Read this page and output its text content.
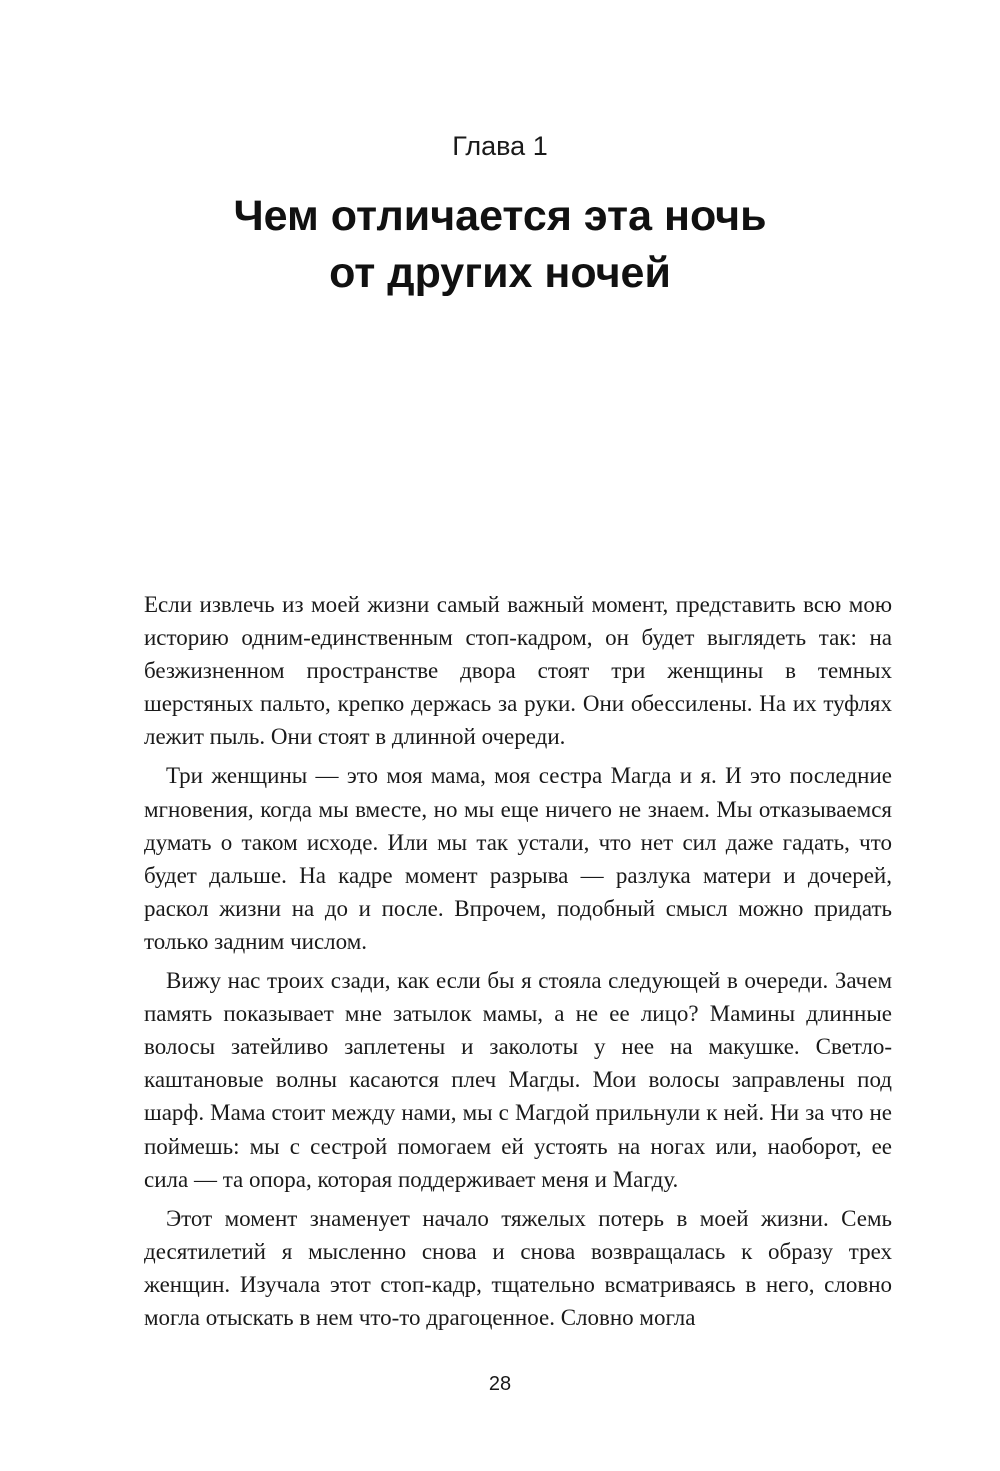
Глава 1
Чем отличается эта ночь
от других ночей

Если извлечь из моей жизни самый важный момент, представить всю мою историю одним-единственным стоп-кадром, он будет выглядеть так: на безжизненном пространстве двора стоят три женщины в темных шерстяных пальто, крепко держась за руки. Они обессилены. На их туфлях лежит пыль. Они стоят в длинной очереди.

Три женщины — это моя мама, моя сестра Магда и я. И это последние мгновения, когда мы вместе, но мы еще ничего не знаем. Мы отказываемся думать о таком исходе. Или мы так устали, что нет сил даже гадать, что будет дальше. На кадре момент разрыва — разлука матери и дочерей, раскол жизни на до и после. Впрочем, подобный смысл можно придать только задним числом.

Вижу нас троих сзади, как если бы я стояла следующей в очереди. Зачем память показывает мне затылок мамы, а не ее лицо? Мамины длинные волосы затейливо заплетены и заколоты у нее на макушке. Светло-каштановые волны касаются плеч Магды. Мои волосы заправлены под шарф. Мама стоит между нами, мы с Магдой прильнули к ней. Ни за что не поймешь: мы с сестрой помогаем ей устоять на ногах или, наоборот, ее сила — та опора, которая поддерживает меня и Магду.

Этот момент знаменует начало тяжелых потерь в моей жизни. Семь десятилетий я мысленно снова и снова возвращалась к образу трех женщин. Изучала этот стоп-кадр, тщательно всматриваясь в него, словно могла отыскать в нем что-то драгоценное. Словно могла

28
